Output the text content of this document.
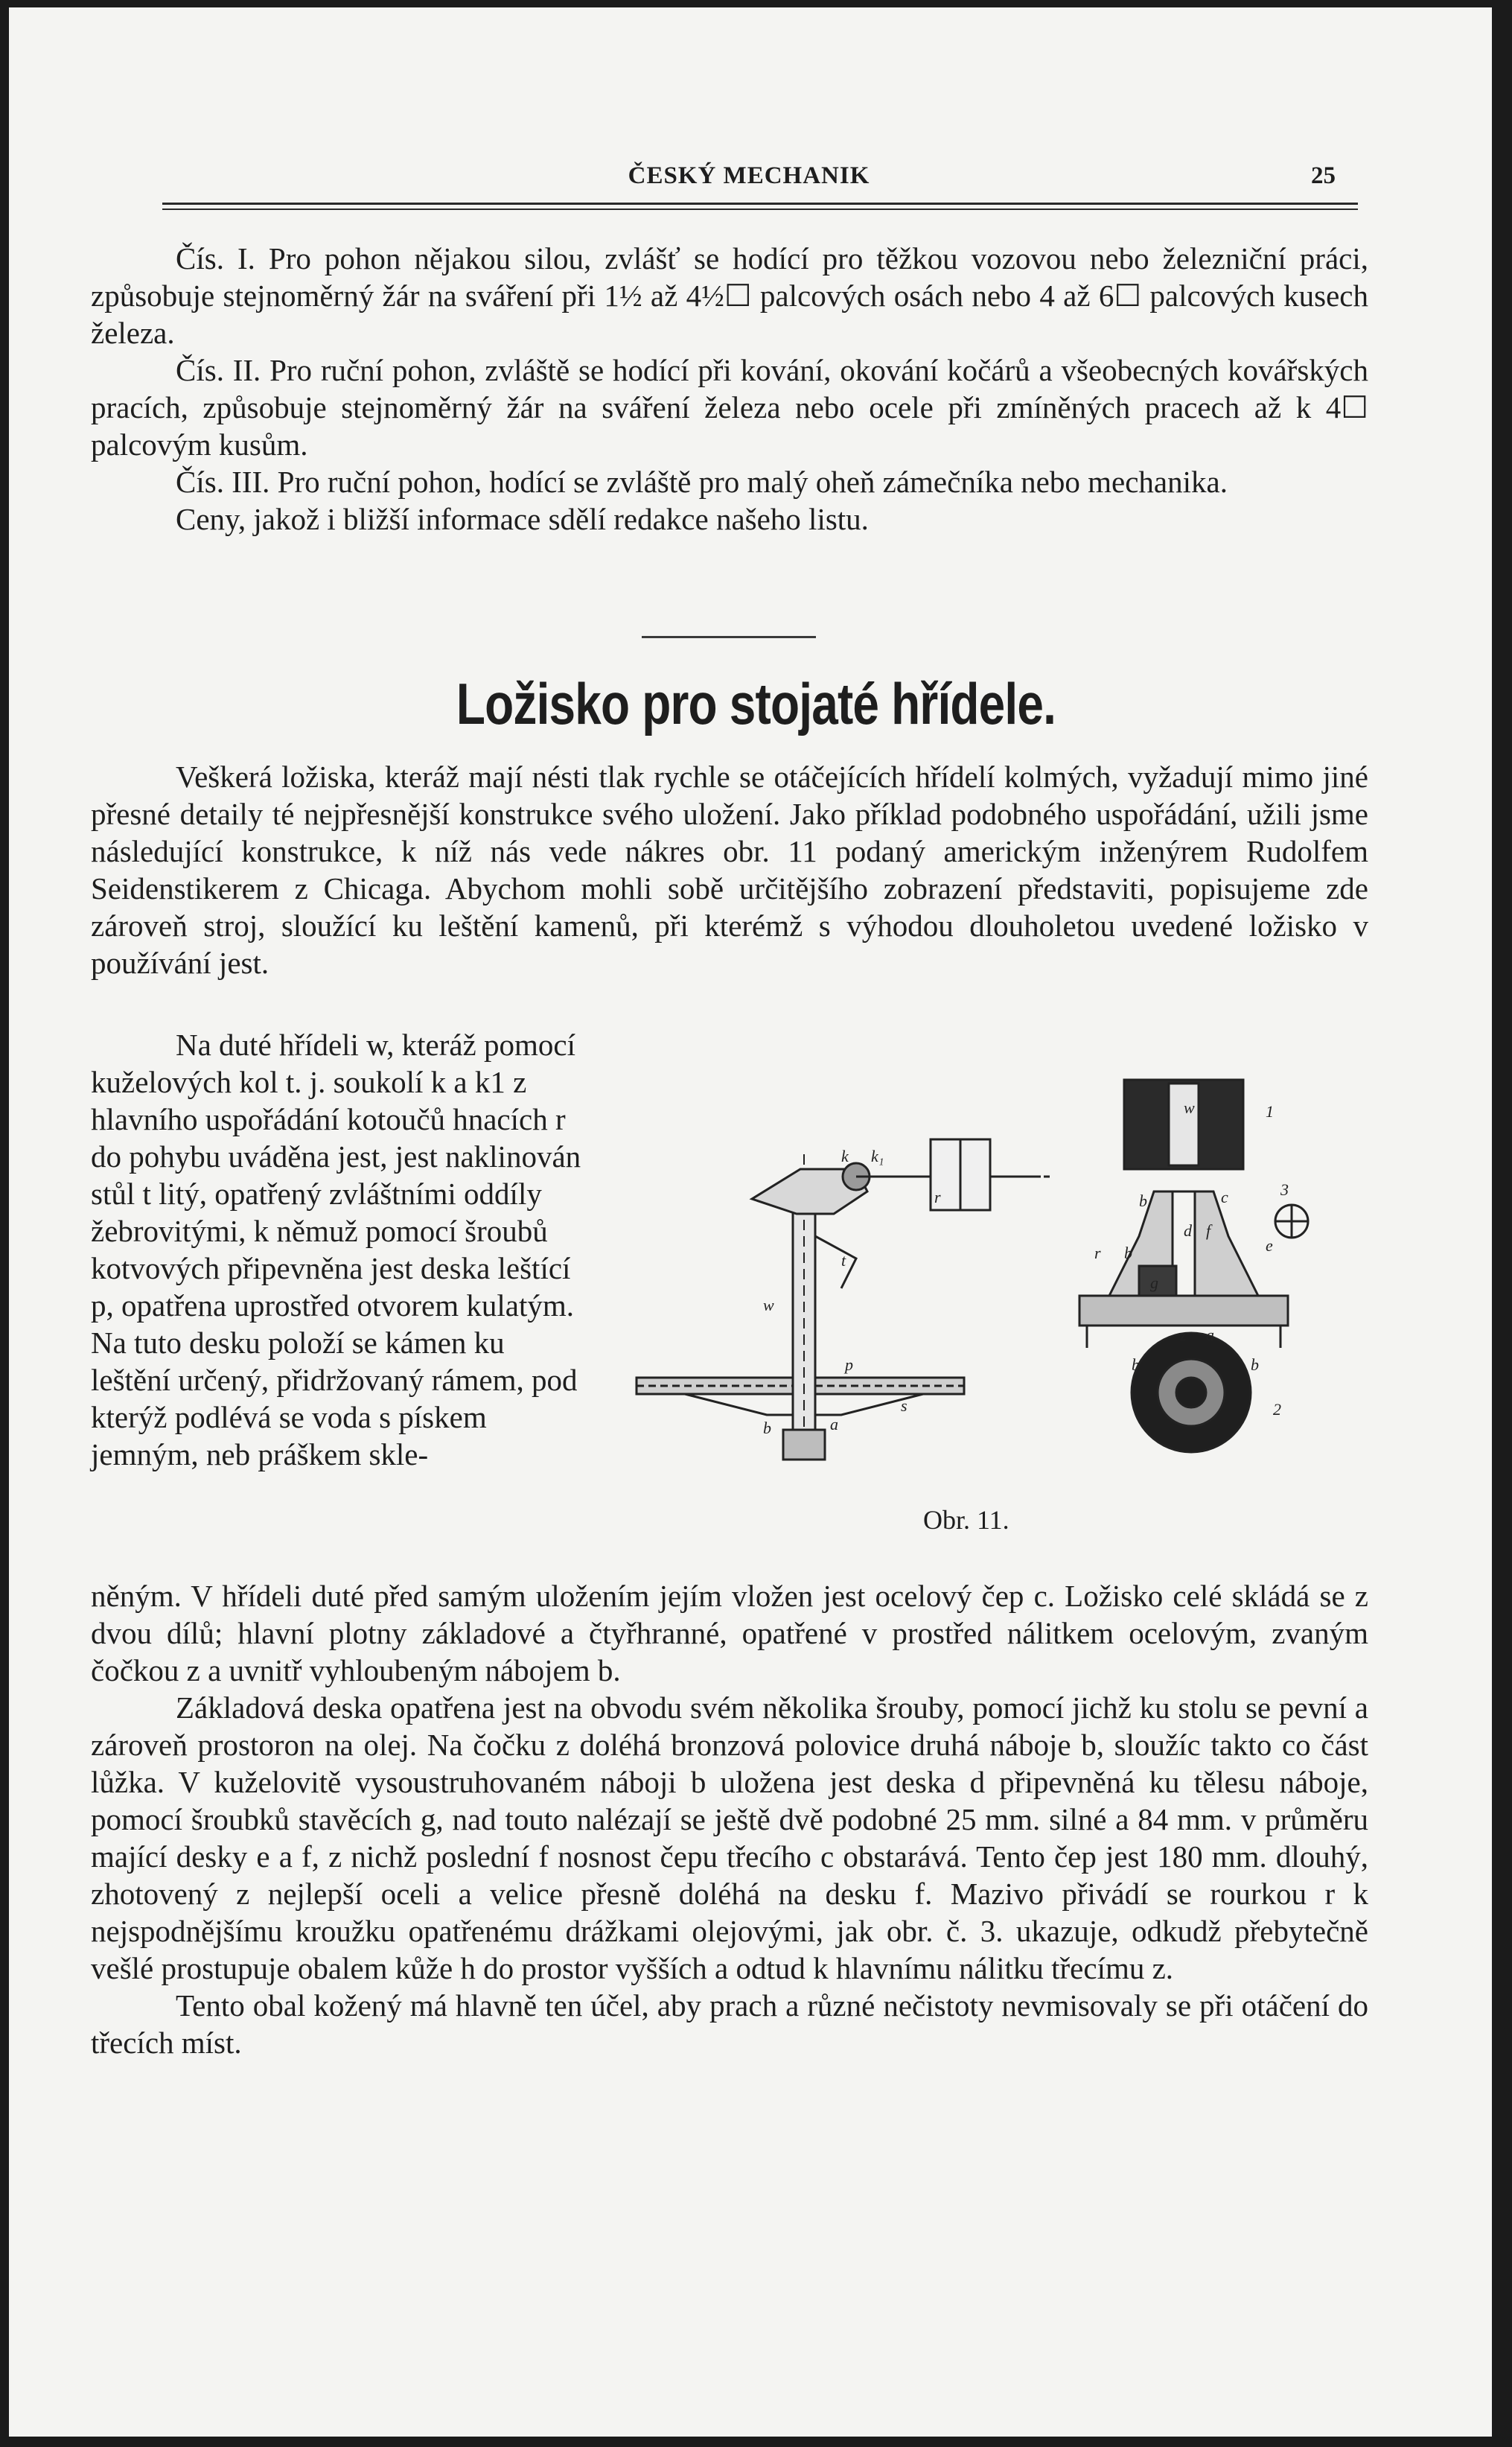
ČESKÝ MECHANIK	25

Čís. I. Pro pohon nějakou silou, zvlášť se hodící pro těžkou vozovou nebo železniční práci, způsobuje stejnoměrný žár na sváření při 1½ až 4½☐ palcových osách nebo 4 až 6☐ palcových kusech železa.

Čís. II. Pro ruční pohon, zvláště se hodící při kování, okování kočárů a všeobecných kovářských pracích, způsobuje stejnoměrný žár na sváření železa nebo ocele při zmíněných pracech až k 4☐ palcovým kusům.

Čís. III. Pro ruční pohon, hodící se zvláště pro malý oheň zámečníka nebo mechanika.

Ceny, jakož i bližší informace sdělí redakce našeho listu.

Ložisko pro stojaté hřídele.

Veškerá ložiska, kteráž mají nésti tlak rychle se otáčejících hřídelí kolmých, vyžadují mimo jiné přesné detaily té nejpřesnější konstrukce svého uložení. Jako příklad podobného uspořádání, užili jsme následující konstrukce, k níž nás vede nákres obr. 11 podaný americkým inženýrem Rudolfem Seidenstikerem z Chicaga. Abychom mohli sobě určitějšího zobrazení představiti, popisujeme zde zároveň stroj, sloužící ku leštění kamenů, při kterémž s výhodou dlouholetou uvedené ložisko v používání jest.

Na duté hřídeli w, kteráž pomocí kuželových kol t. j. soukolí k a k1 z hlavního uspořádání kotoučů hnacích r do pohybu uváděna jest, jest naklinován stůl t litý, opatřený zvláštními oddíly žebrovitými, k němuž pomocí šroubů kotvových připevněna jest deska leštící p, opatřena uprostřed otvorem kulatým. Na tuto desku položí se kámen ku leštění určený, přidržovaný rámem, pod kterýž podlévá se voda s pískem jemným, neb práškem skle-

k k₁
r
w
t
p
a
b
s
w	1
b	c	3
r b
d f
e
g
z a
b	b
2
Obr. 11.

něným. V hřídeli duté před samým uložením jejím vložen jest ocelový čep c. Ložisko celé skládá se z dvou dílů; hlavní plotny základové a čtyřhranné, opatřené v prostřed nálitkem ocelovým, zvaným čočkou z a uvnitř vyhloubeným nábojem b.

Základová deska opatřena jest na obvodu svém několika šrouby, pomocí jichž ku stolu se pevní a zároveň prostoron na olej. Na čočku z doléhá bronzová polovice druhá náboje b, sloužíc takto co část lůžka. V kuželovitě vysoustruhovaném náboji b uložena jest deska d připevněná ku tělesu náboje, pomocí šroubků stavěcích g, nad touto nalézají se ještě dvě podobné 25 mm. silné a 84 mm. v průměru mající desky e a f, z nichž poslední f nosnost čepu třecího c obstarává. Tento čep jest 180 mm. dlouhý, zhotovený z nejlepší oceli a velice přesně doléhá na desku f. Mazivo přivádí se rourkou r k nejspodnějšímu kroužku opatřenému drážkami olejovými, jak obr. č. 3. ukazuje, odkudž přebytečně vešlé prostupuje obalem kůže h do prostor vyšších a odtud k hlavnímu nálitku třecímu z.

Tento obal kožený má hlavně ten účel, aby prach a různé nečistoty nevmisovaly se při otáčení do třecích míst.
